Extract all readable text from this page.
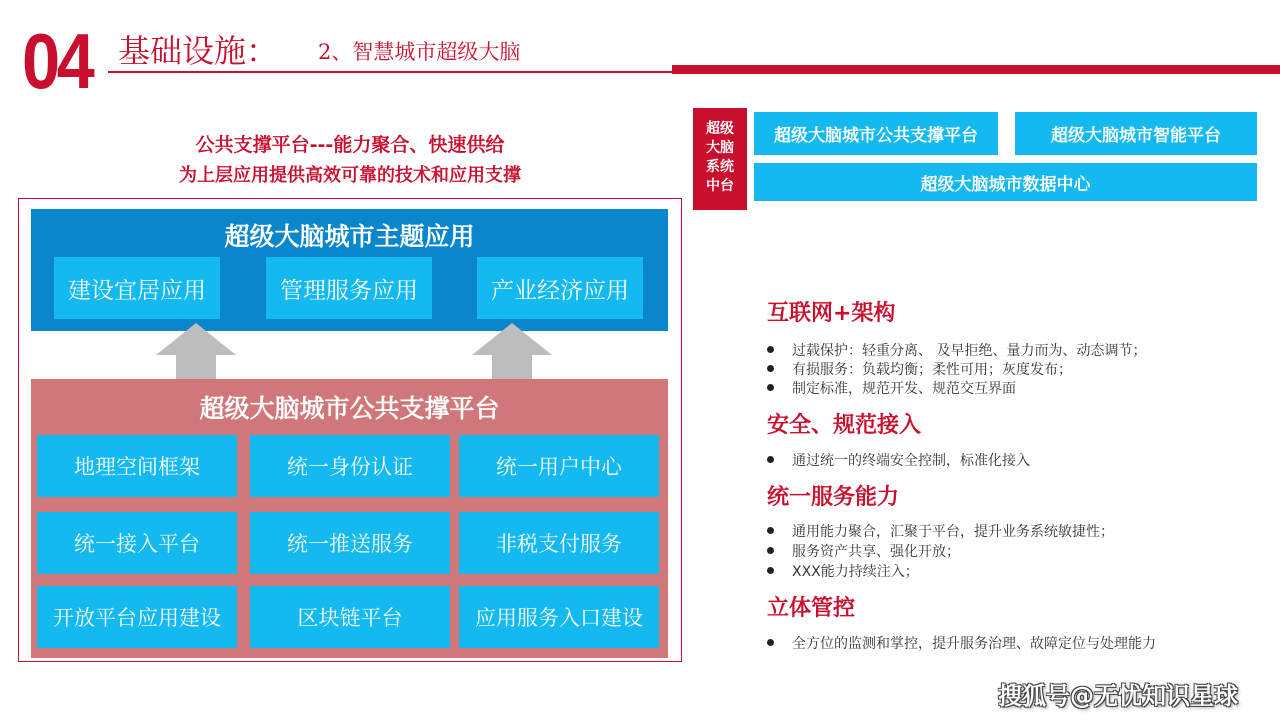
04 基础设施： 2、智慧城市超级大脑
公共支撑平台---能力聚合、快速供给
为上层应用提供高效可靠的技术和应用支撑
超级大脑城市主题应用
建设宜居应用	管理服务应用	产业经济应用
超级大脑城市公共支撑平台
地理空间框架	统一身份认证	统一用户中心
统一接入平台	统一推送服务	非税支付服务
开放平台应用建设	区块链平台	应用服务入口建设
超级
大脑
系统
中台
超级大脑城市公共支撑平台	超级大脑城市智能平台
超级大脑城市数据中心
互联网+架构
过载保护：轻重分离、 及早拒绝、量力而为、动态调节；
有损服务：负载均衡；柔性可用；灰度发布；
制定标准，规范开发、规范交互界面
安全、规范接入
通过统一的终端安全控制，标准化接入
统一服务能力
通用能力聚合，汇聚于平台，提升业务系统敏捷性；
服务资产共享、强化开放；
XXX能力持续注入；
立体管控
全方位的监测和掌控，提升服务治理、故障定位与处理能力
搜狐号@无忧知识星球
